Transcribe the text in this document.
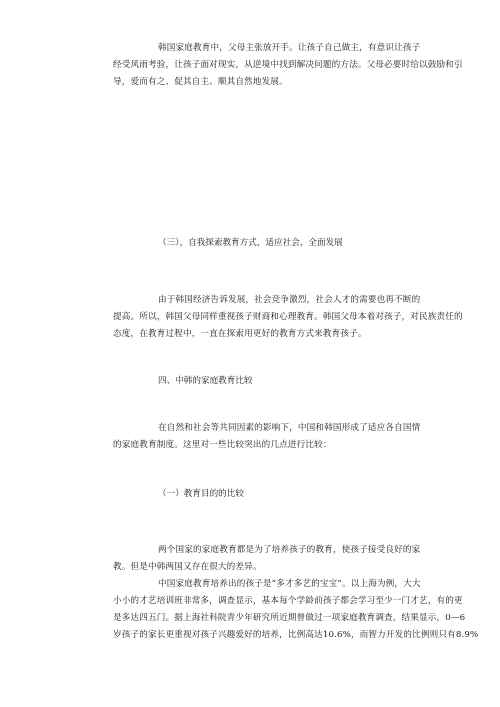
韩国家庭教育中，父母主张放开手。让孩子自己做主，有意识让孩子
经受风雨考验，让孩子面对现实，从逆境中找到解决问题的方法。父母必要时给以鼓励和引
导，爱而有之、促其自主、顺其自然地发展。
（三），自我探索教育方式，适应社会，全面发展
由于韩国经济告诉发展，社会竞争激烈，社会人才的需要也再不断的
提高。所以，韩国父母同样重视孩子财商和心理教育。韩国父母本着对孩子，对民族责任的
态度，在教育过程中，一直在探索用更好的教育方式来教育孩子。
四、中韩的家庭教育比较
在自然和社会等共同因素的影响下，中国和韩国形成了适应各自国情
的家庭教育制度。这里对一些比较突出的几点进行比较：
（一）教育目的的比较
两个国家的家庭教育都是为了培养孩子的教育，使孩子接受良好的家
教。但是中韩两国又存在很大的差异。
中国家庭教育培养出的孩子是“多才多艺的宝宝”。以上海为例，大大
小小的才艺培训班非常多，调查显示，基本每个学龄前孩子都会学习至少一门才艺，有的更
是多达四五门。据上海社科院青少年研究所近期曾做过一项家庭教育调查，结果显示，0—6
岁孩子的家长更重视对孩子兴趣爱好的培养，比例高达10.6%，而智力开发的比例则只有8.9%
